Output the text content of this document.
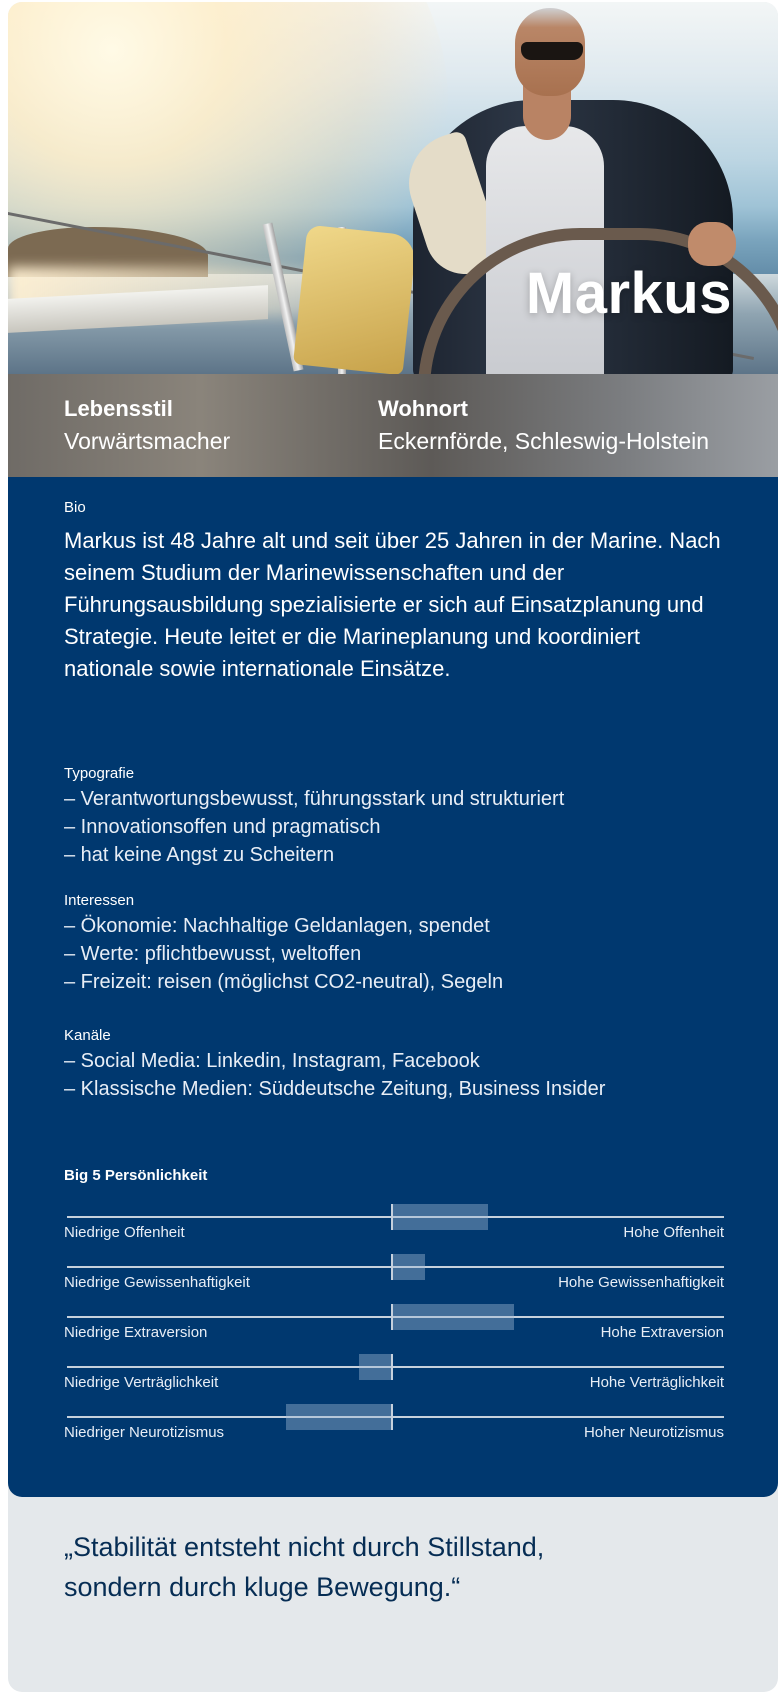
Markus

Lebensstil

Vorwärtsmacher

Wohnort

Eckernförde, Schleswig-Holstein

Bio

Markus ist 48 Jahre alt und seit über 25 Jahren in der Marine. Nach seinem Studium der Marinewissenschaften und der Führungsausbildung spezialisierte er sich auf Einsatzplanung und Strategie. Heute leitet er die Marineplanung und koordiniert nationale sowie internationale Einsätze.

Typografie

– Verantwortungsbewusst, führungsstark und strukturiert
– Innovationsoffen und pragmatisch
– hat keine Angst zu Scheitern

Interessen

– Ökonomie: Nachhaltige Geldanlagen, spendet
– Werte: pflichtbewusst, weltoffen
– Freizeit: reisen (möglichst CO2-neutral), Segeln

Kanäle

– Social Media: Linkedin, Instagram, Facebook
– Klassische Medien: Süddeutsche Zeitung, Business Insider

Big 5 Persönlichkeit

Niedrige Offenheit	Hohe Offenheit
Niedrige Gewissenhaftigkeit	Hohe Gewissenhaftigkeit
Niedrige Extraversion	Hohe Extraversion
Niedrige Verträglichkeit	Hohe Verträglichkeit
Niedriger Neurotizismus	Hoher Neurotizismus

„Stabilität entsteht nicht durch Stillstand,
sondern durch kluge Bewegung.“
